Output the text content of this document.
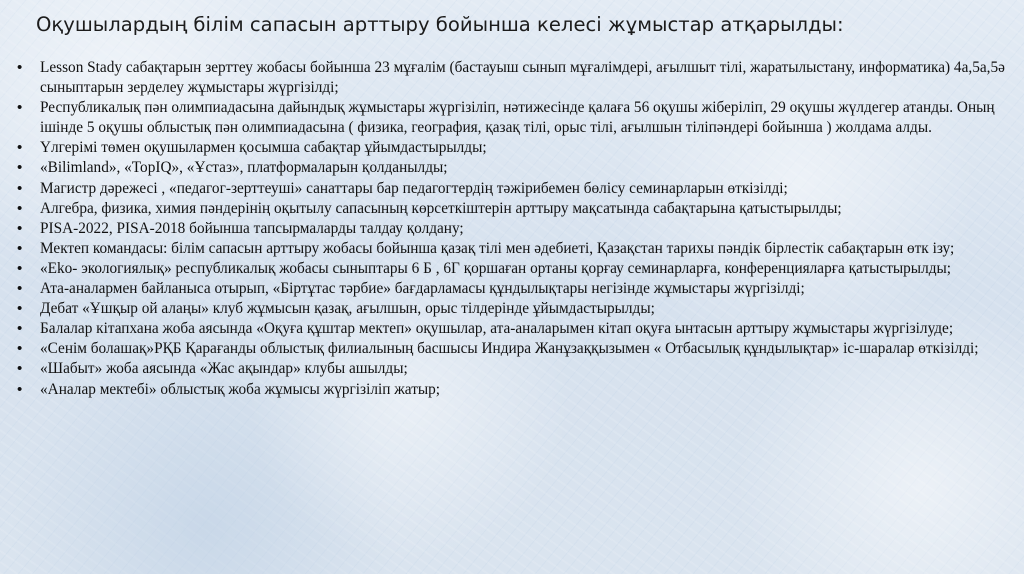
Оқушылардың білім сапасын арттыру бойынша келесі жұмыстар атқарылды:
• Lesson Stady сабақтарын зерттеу жобасы бойынша 23 мұғалім (бастауыш сынып мұғалімдері, ағылшыт тілі, жаратылыстану, информатика) 4а,5а,5ә сыныптарын зерделеу жұмыстары жүргізілді;
• Республикалық пән олимпиадасына дайындық жұмыстары жүргізіліп, нәтижесінде қалаға 56 оқушы жіберіліп, 29 оқушы жүлдегер атанды. Оның ішінде 5 оқушы облыстық пән олимпиадасына ( физика, география, қазақ тілі, орыс тілі, ағылшын тіліпәндері бойынша ) жолдама алды.
• Үлгерімі төмен оқушылармен қосымша сабақтар ұйымдастырылды;
• «Bilimland», «TopIQ», «Ұстаз», платформаларын қолданылды;
• Магистр дәрежесі , «педагог-зерттеуші» санаттары бар педагогтердің тәжірибемен бөлісу семинарларын өткізілді;
• Алгебра, физика, химия пәндерінің оқытылу сапасының көрсеткіштерін арттыру мақсатында сабақтарына қатыстырылды;
• PISA-2022, PISA-2018 бойынша тапсырмаларды талдау қолдану;
• Мектеп командасы: білім сапасын арттыру жобасы бойынша қазақ тілі мен әдебиеті, Қазақстан тарихы пәндік бірлестік сабақтарын өтк ізу;
• «Еkо- экологиялық» республикалық жобасы сыныптары 6 Б , 6Г қоршаған ортаны қорғау семинарларға, конференцияларға қатыстырылды;
• Ата-аналармен байланыса отырып, «Біртұтас тәрбие» бағдарламасы құндылықтары негізінде жұмыстары жүргізілді;
• Дебат «Ұшқыр ой алаңы» клуб жұмысын қазақ, ағылшын, орыс тілдерінде ұйымдастырылды;
• Балалар кітапхана жоба аясында «Оқуға құштар мектеп» оқушылар, ата-аналарымен кітап оқуға ынтасын арттыру жұмыстары жүргізілуде;
• «Сенім болашақ»РҚБ Қарағанды облыстық филиалының басшысы Индира Жанұзаққызымен « Отбасылық құндылықтар» іс-шаралар өткізілді;
• «Шабыт» жоба аясында «Жас ақындар» клубы ашылды;
• «Аналар мектебі» облыстық жоба жұмысы жүргізіліп жатыр;
